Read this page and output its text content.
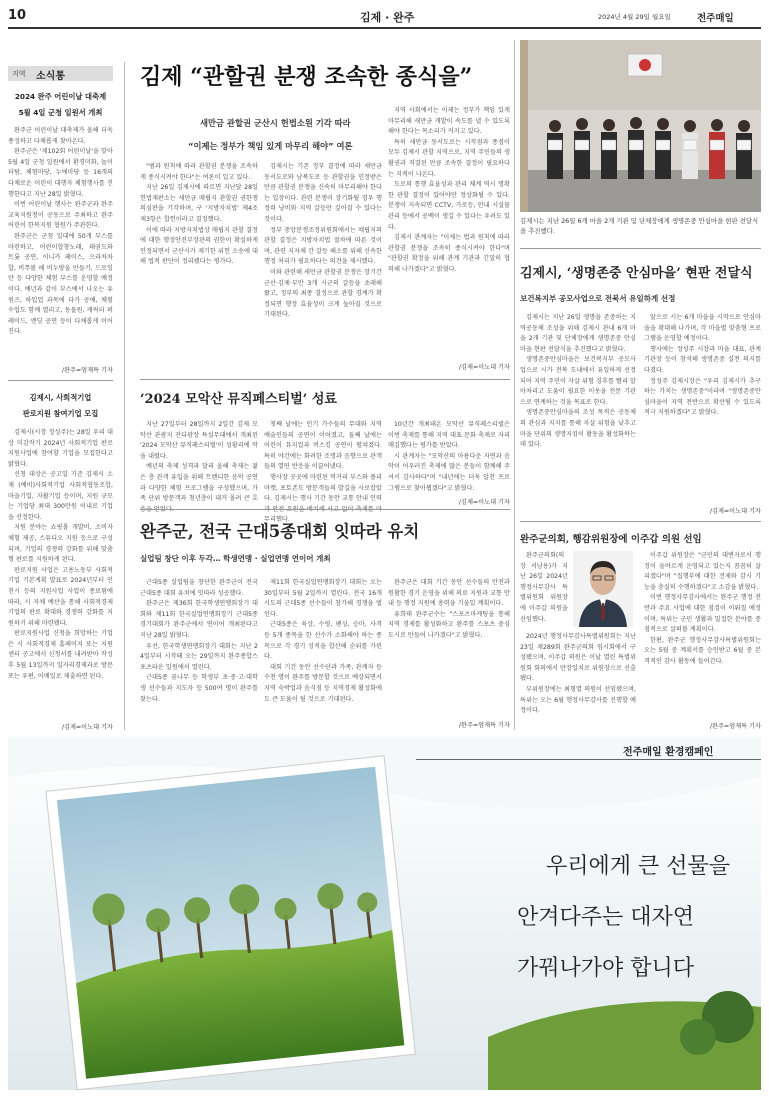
10	김제 · 완주	2024년 4월 29일 월요일	전주매일
지역 소식통
2024 완주 어린이날 대축제
5월 4일 군청 일원서 개최

완주군 어린이날 대축제가 올해 더욱 풍성하고 다채롭게 찾아온다.

완주군은 '제102회 어린이날'을 맞아 5월 4일 군청 일원에서 환경미화, 놀이터탐, 체험마당, 누에마당 등 16개의 다채로운 어린이 대행자 체험행사를 진행한다고 지난 28일 밝혔다.

이번 어린이날 행사는 완주군과 완주교육지원청이 공동으로 주최하고 완주어린이 한복지원 협원가 주관한다.

완주군은 군청 일대에 50개 부스를 마련하고, 어린이합창노래, 태권도와 트롯 공연, 이니카 페이스, 으라차차 합, 비쭈볼 해 비누방울 만들기, 드로잉 탄 등 다양한 체험 부스를 운영할 예정이다. 예년과 같이 부스에서 나오는 유원즈, 하입업 과목에 다가 공예, 체험 수업도 함께 열리고, 동물원, 캐릭터 퍼레이드, 엔딩 공연 등이 다채롭게 이어진다.

/완주=엄재특 기자
김제시, 사회적기업
판로지원 참여기업 모집

김제시(시장 정성주)는 28일 우리 대상 미감작기 2024년 사회적기업 판로지원사업에 참여할 기업을 모집한다고 밝혔다.

신청 대상은 공고일 기준 김제시 소재 (예비)사회적기업 사회적협동조합, 마을기업, 자활기업 등이며, 지원 규모는 기업당 최대 300만원 이내로 기업을 선정한다.

지원 분야는 쇼핑몰 개발비, 소비자 체험 제공, 스튜디오 지원 등으로 구성되며, 기업의 경쟁력 강화를 위해 맞춤형 판로를 지원하게 된다.

판로지원 사업은 고용노동부 사회적기업 기본계획 발표로 2024년부터 인천시 등의 지원사업 사업이 종료됨에 따라, 시 자체 예산을 통해 사회적경제 기업의 판로 확대와 경쟁력 강화를 지원하기 위해 마련됐다.

판로지원사업 신청을 희망하는 기업은 시 사회적경제 홈페이지 또는 지원센터 공고에서 신청서를 내려받아 작성 후 5월 13일까지 일자리경제과로 방문 또는 우편, 이메일로 제출하면 된다.

/김제=이노대 기자
김제 “관할권 분쟁 조속한 종식을”
새만금 관할권 군산시 헌법소원 기각 따라
“이제는 정부가 책임 있게 마무리 해야” 여론

"범과 원칙에 따라 관할권 분쟁을 조속하게 종식시켜야 한다"는 여론이 일고 있다.

지난 26일 김제시에 따르면 지난달 28일 헌법재판소는 새만금 매립지 관할권 권한쟁의심판을 기각하며, 구 '지방자치법' 제4조 제3항은 합헌이라고 결정했다.

이에 따라 지방자치법상 매립지 관할 결정에 대한 행정안전부장관의 권한이 확실하게 인정되면서 군산시가 제기한 위헌 소송에 대해 법적 판단이 정리됐다는 평가다.

김제시는 기존 정부 결정에 따라 새만금 동서도로와 남북도로 등 관할권을 인정받은 만큼 관할권 분쟁을 신속히 마무리해야 한다는 입장이다. 관련 분쟁이 장기화될 경우 행정력 낭비와 지역 갈등만 깊어질 수 있다는 것이다.

정부 중앙분쟁조정위원회에서는 매립지의 관할 결정은 지방자치법 절차에 따른 것이며, 관련 지자체 간 갈등 해소를 위해 신속한 행정 처리가 필요하다는 의견을 제시했다.

이와 관련해 새만금 관할권 분쟁은 장기간 군산·김제·부안 3개 시군의 갈등을 초래해 왔고, 정부의 최종 결정으로 관할 경계가 확정되면 행정 효율성이 크게 높아질 것으로 기대된다.

지역 사회에서는 이제는 정부가 책임 있게 마무리해 새만금 개발이 속도를 낼 수 있도록 해야 한다는 목소리가 커지고 있다.

특히 새만금 동서도로는 시작점과 종점이 모두 김제시 관할 지역으로, 지역 주민들의 생활권과 직결된 만큼 조속한 결정이 필요하다는 지적이 나온다.

도로의 통행 효율성과 관리 체계 역시 명확한 관할 결정이 있어야만 정상화될 수 있다. 분쟁이 지속되면 CCTV, 가로등, 안내 시설물 관리 등에서 공백이 생길 수 있다는 우려도 있다.

김제시 관계자는 "이제는 법과 원칙에 따라 관할권 분쟁을 조속히 종식시켜야 한다"며 "관할권 확정을 위해 관계 기관과 긴밀히 협력해 나가겠다"고 밝혔다.

/김제=이노대 기자
‘2024 모악산 뮤직페스티벌’ 성료

지난 27일부터 28일까지 2일간 김제 모악산 관광지 잔디광장 특설무대에서 개최된 '2024 모악산 뮤직페스티벌'이 성황리에 막을 내렸다.

예년의 축제 성격과 달리 올해 축제는 젊은 층 관객 유입을 위해 트렌디한 음악 공연과 다양한 체험 프로그램을 구성했으며, 가족 단위 방문객과 청년층이 대거 몰려 큰 호

첫째 날에는 인기 가수들의 무대와 지역 예술인들의 공연이 이어졌고, 둘째 날에는 어린이 뮤지컬과 버스킹 공연이 펼쳐졌다. 특히 야간에는 화려한 조명과 음향으로 관객들의 열띤 반응을 이끌어냈다.

행사장 곳곳에 마련된 먹거리 부스와 플리마켓, 포토존도 방문객들의 발길을 사로잡았다. 김제시는 행사 기간 동안 교통 안내 인력 무리했다.

10년간 개최돼온 모악산 뮤직페스티벌은 이번 축제를 통해 지역 대표 문화 축제로 자리매김했다는 평가를 받았다.

시 관계자는 "모악산의 아름다운 자연과 음악이 어우러진 축제에 많은 분들이 함께해 주셔서 감사하다"며 "내년에는 더욱 알찬 프로그램으로 찾아뵙겠다"고 밝혔다.

/김제=이노대 기자
완주군, 전국 근대5종대회 잇따라 유치
실업팀 창단 이후 두각… 학생연맹 · 실업연맹 연이어 개최

근대5종 실업팀을 창단한 완주군이 전국 근대5종 대회 유치에 잇따라 성공했다.

완주군은 제36회 한국학생연맹회장기 대회와 제11회 한국실업연맹회장기 근대5종 경기대회가 완주군에서 연이어 개최된다고 지난 28일 밝혔다.

우선, 한국학생연맹회장기 대회는 지난 24일부터 시작돼 오는 29일까지 완주종합스포츠타운 일원에서 열린다.

근대5종 꿈나무 등 학생부 초·중·고·대학생 선수들과 지도자 등 500여 명이 완주를 찾는다.

제11회 한국실업연맹회장기 대회는 오는 30일부터 5월 2일까지 열린다. 전국 16개 시도의 근대5종 선수들이 참가해 경쟁을 벌인다.

근대5종은 육상, 수영, 펜싱, 승마, 사격 등 5개 종목을 한 선수가 소화해야 하는 종목으로 각 경기 성적을 합산해 순위를 가린다.

대회 기간 동안 선수단과 가족, 관계자 등 수천 명이 완주를 방문할 것으로 예상되면서 지역 숙박업과 음식점 등 지역경제 활성화에도 큰 도움이 될 것으로 기대된다.

완주군은 대회 기간 동안 선수들의 안전과 원활한 경기 운영을 위해 의료 지원과 교통 안내 등 행정 지원에 총력을 기울일 계획이다.

유희태 완주군수는 "스포츠마케팅을 통해 지역 경제를 활성화하고 완주를 스포츠 중심 도시로 만들어 나가겠다"고 밝혔다.

/완주=엄재특 기자
김제시는 지난 26일 6개 마을 2개 기관 및 단체장에게 생명존중 안심마을 현판 전달식을 추진했다.
김제시, ‘생명존중 안심마을’ 현판 전달식
보건복지부 공모사업으로 전북서 유일하게 선정

김제시는 지난 26일 생명을 존중하는 지역공동체 조성을 위해 김제시 관내 6개 마을 2개 기관 및 단체장에게 생명존중 안심마을 현판 전달식을 추진했다고 밝혔다.

생명존중안심마을은 보건복지부 공모사업으로 시가 전북 도내에서 유일하게 선정되어 지역 주민이 자살 위험 징후를 빨리 알아차리고 도움이 필요한 이웃을 전문 기관으로 연계하는 것을 목표로 한다.

생명존중안심마을의 조성 목적은 공동체의 관심과 지지를 통해 자살 위험을 낮추고 마을 단위의 생명지킴이 활동을 활성화하는 데 있다.

앞으로 시는 6개 마을을 시작으로 안심마을을 확대해 나가며, 각 마을별 맞춤형 프로그램을 운영할 예정이다.

행사에는 정성주 시장과 마을 대표, 관계 기관장 등이 참석해 생명존중 실천 의지를 다졌다.

정성주 김제시장은 "우리 김제시가 추구하는 가치는 생명존중"이라며 "생명존중안심마을이 지역 전반으로 확산될 수 있도록 적극 지원하겠다"고 밝혔다.

/김제=이노대 기자
완주군의회, 행감위원장에 이주갑 의원 선임

완주군의회(의장 서남용)가 지난 26일 2024년 행정사무감사 특별위원회 위원장에 이주갑 의원을 선임했다.

2024년 행정사무감사특별위원회는 지난 23일 제289회 완주군의회 임시회에서 구성됐으며, 이주갑 의원은 이날 열린 특별위원회 회의에서 만장일치로 위원장으로 선출됐다.

부위원장에는 최형열 의원이 선임됐으며, 특위는 오는 6월 행정사무감사를 진행할 예정이다.

이주갑 위원장은 "군민의 대변자로서 행정이 올바르게 운영되고 있는지 꼼꼼히 살피겠다"며 "집행부에 대한 견제와 감시 기능을 충실히 수행하겠다"고 소감을 밝혔다.

이번 행정사무감사에서는 완주군 행정 전반과 주요 사업에 대한 점검이 이뤄질 예정이며, 특위는 군민 생활과 밀접한 분야를 중점적으로 살펴볼 계획이다.

한편, 완주군 행정사무감사특별위원회는 오는 5월 중 계획서를 승인받고 6월 중 본격적인 감사 활동에 들어간다.

/완주=엄재특 기자
전주매일 환경캠페인
우리에게 큰 선물을
안겨다주는 대자연
가꿔나가야 합니다
